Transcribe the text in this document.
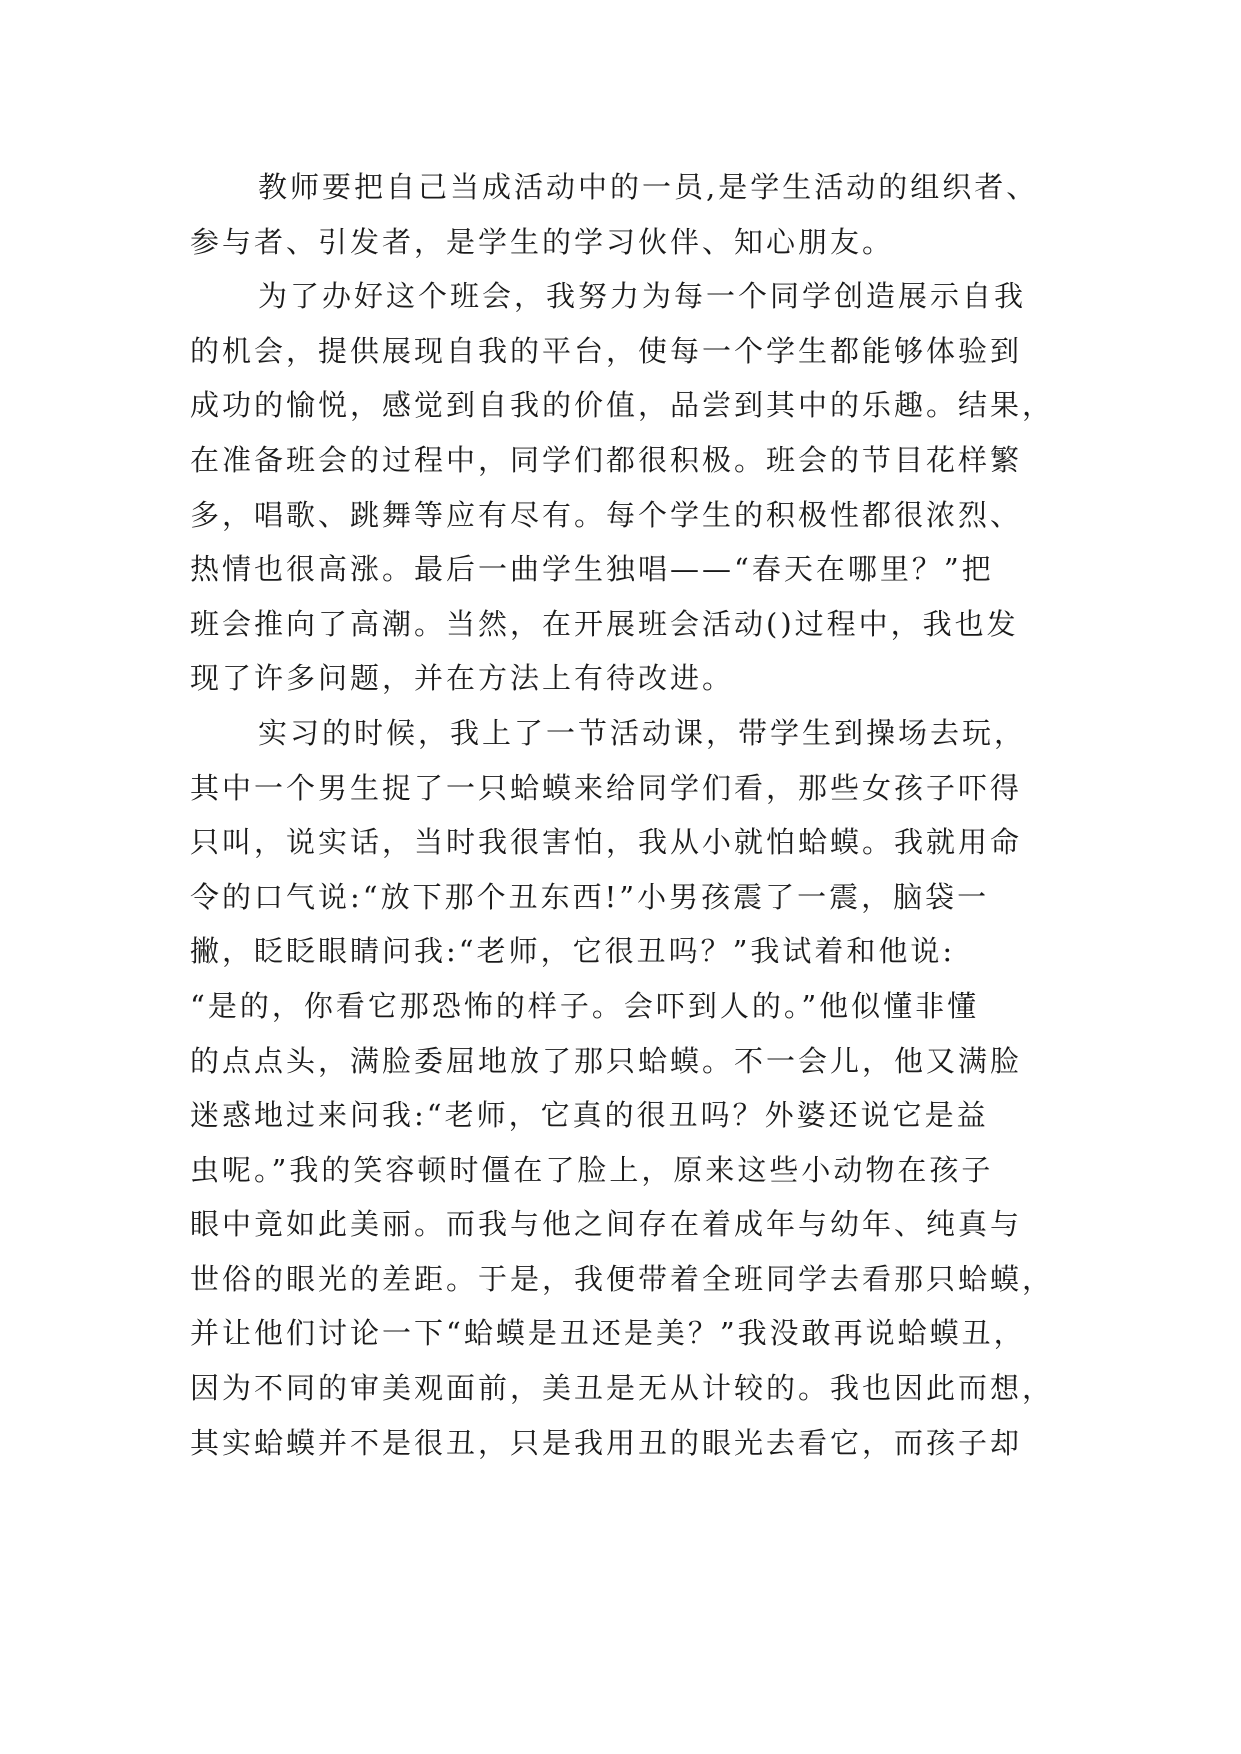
教师要把自己当成活动中的一员,是学生活动的组织者、
参与者、引发者，是学生的学习伙伴、知心朋友。
为了办好这个班会，我努力为每一个同学创造展示自我
的机会，提供展现自我的平台，使每一个学生都能够体验到
成功的愉悦，感觉到自我的价值，品尝到其中的乐趣。结果，
在准备班会的过程中，同学们都很积极。班会的节目花样繁
多，唱歌、跳舞等应有尽有。每个学生的积极性都很浓烈、
热情也很高涨。最后一曲学生独唱——“春天在哪里？”把
班会推向了高潮。当然，在开展班会活动()过程中，我也发
现了许多问题，并在方法上有待改进。
实习的时候，我上了一节活动课，带学生到操场去玩，
其中一个男生捉了一只蛤蟆来给同学们看，那些女孩子吓得
只叫，说实话，当时我很害怕，我从小就怕蛤蟆。我就用命
令的口气说:“放下那个丑东西!”小男孩震了一震，脑袋一
撇，眨眨眼睛问我:“老师，它很丑吗？”我试着和他说:
“是的，你看它那恐怖的样子。会吓到人的。”他似懂非懂
的点点头，满脸委屈地放了那只蛤蟆。不一会儿，他又满脸
迷惑地过来问我:“老师，它真的很丑吗？外婆还说它是益
虫呢。”我的笑容顿时僵在了脸上，原来这些小动物在孩子
眼中竟如此美丽。而我与他之间存在着成年与幼年、纯真与
世俗的眼光的差距。于是，我便带着全班同学去看那只蛤蟆，
并让他们讨论一下“蛤蟆是丑还是美？”我没敢再说蛤蟆丑，
因为不同的审美观面前，美丑是无从计较的。我也因此而想，
其实蛤蟆并不是很丑，只是我用丑的眼光去看它，而孩子却
